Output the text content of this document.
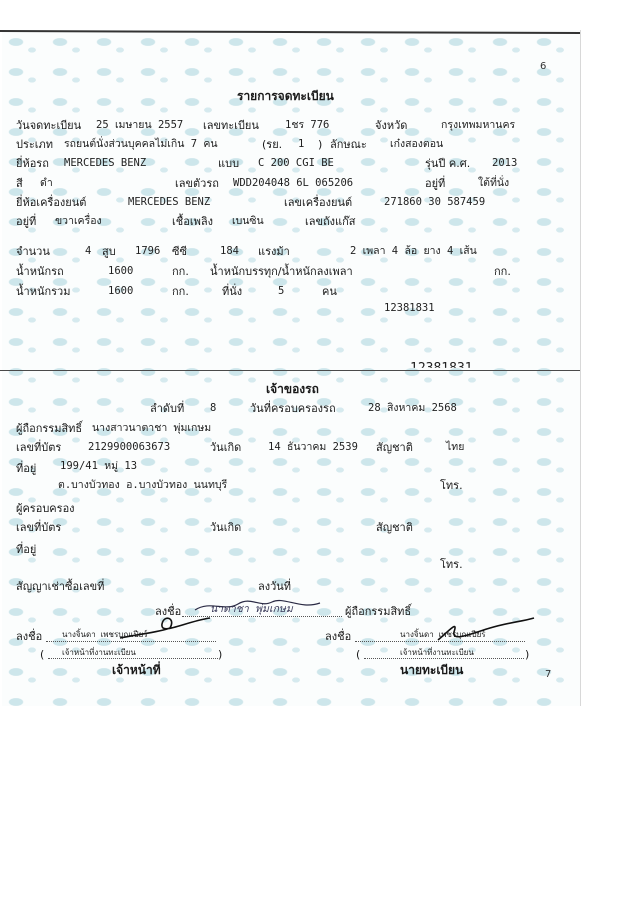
6
รายการจดทะเบียน
วันจดทะเบียน 25 เมษายน 2557 เลขทะเบียน 1ชร 776	จังหวัด	กรุงเทพมหานคร
ประเภท รถยนต์นั่งส่วนบุคคลไม่เกิน 7 คน	(รย. 1 ) ลักษณะ เก๋งสองตอน
ยี่ห้อรถ MERCEDES BENZ	แบบ C 200 CGI BE	รุ่นปี ค.ศ. 2013
สี ดำ	เลขตัวรถ WDD204048 6L 065206	อยู่ที่	ใต้ที่นั่ง
ยี่ห้อเครื่องยนต์	MERCEDES BENZ	เลขเครื่องยนต์	271860 30 587459
อยู่ที่ ขวาเครื่อง	เชื้อเพลิง เบนซิน	เลขถังแก๊ส
จำนวน	4 สูบ 1796 ซีซี	184 แรงม้า	2 เพลา 4 ล้อ ยาง 4 เส้น
น้ำหนักรถ	1600	กก. น้ำหนักบรรทุก/น้ำหนักลงเพลา	กก.
น้ำหนักรวม	1600	กก.	ที่นั่ง	5	คน
12381831
เจ้าของรถ
ลำดับที่ 8	วันที่ครอบครองรถ	28 สิงหาคม 2568
ผู้ถือกรรมสิทธิ์ นางสาวนาตาชา พุ่มเกษม
เลขที่บัตร	2129900063673	วันเกิด	14 ธันวาคม 2539 สัญชาติ	ไทย
ที่อยู่ 199/41 หมู่ 13
ต.บางบัวทอง อ.บางบัวทอง นนทบุรี	โทร.
ผู้ครอบครอง
เลขที่บัตร	วันเกิด	สัญชาติ
ที่อยู่
โทร.
สัญญาเช่าซื้อเลขที่	ลงวันที่
ลงชื่อ	นาตาชา พุ่มเกษม	ผู้ถือกรรมสิทธิ์
ลงชื่อ นางจิ้นดา เพชรบุณเปียร์
( เจ้าหน้าที่งานทะเบียน	)
เจ้าหน้าที่
ลงชื่อ	นางจิ้นดา เพชรบุณเปียร์
(	เจ้าหน้าที่งานทะเบียน	)
นายทะเบียน	7
